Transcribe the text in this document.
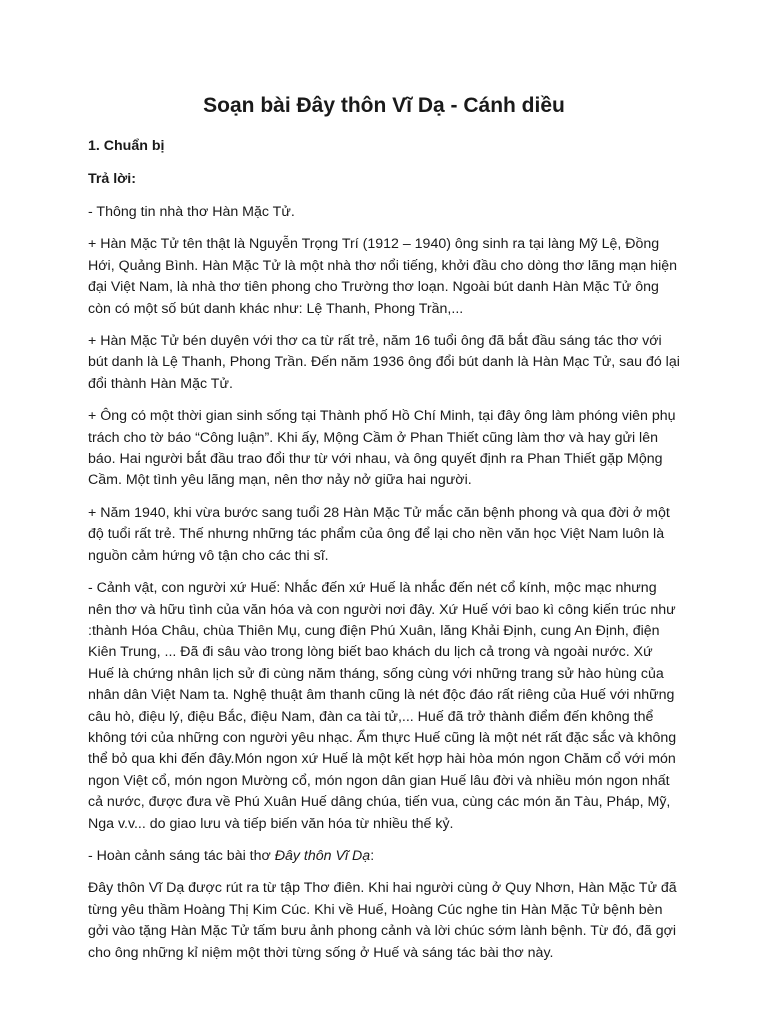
Soạn bài Đây thôn Vĩ Dạ - Cánh diều
1. Chuẩn bị
Trả lời:

- Thông tin nhà thơ Hàn Mặc Tử.

+ Hàn Mặc Tử tên thật là Nguyễn Trọng Trí (1912 – 1940) ông sinh ra tại làng Mỹ Lệ, Đồng Hới, Quảng Bình. Hàn Mặc Tử là một nhà thơ nổi tiếng, khởi đầu cho dòng thơ lãng mạn hiện đại Việt Nam, là nhà thơ tiên phong cho Trường thơ loạn. Ngoài bút danh Hàn Mặc Tử ông còn có một số bút danh khác như: Lệ Thanh, Phong Trần,...

+ Hàn Mặc Tử bén duyên với thơ ca từ rất trẻ, năm 16 tuổi ông đã bắt đầu sáng tác thơ với bút danh là Lệ Thanh, Phong Trần. Đến năm 1936 ông đổi bút danh là Hàn Mạc Tử, sau đó lại đổi thành Hàn Mặc Tử.

+ Ông có một thời gian sinh sống tại Thành phố Hồ Chí Minh, tại đây ông làm phóng viên phụ trách cho tờ báo “Công luận”. Khi ấy, Mộng Cầm ở Phan Thiết cũng làm thơ và hay gửi lên báo. Hai người bắt đầu trao đổi thư từ với nhau, và ông quyết định ra Phan Thiết gặp Mộng Cầm. Một tình yêu lãng mạn, nên thơ nảy nở giữa hai người.

+ Năm 1940, khi vừa bước sang tuổi 28 Hàn Mặc Tử mắc căn bệnh phong và qua đời ở một độ tuổi rất trẻ. Thế nhưng những tác phẩm của ông để lại cho nền văn học Việt Nam luôn là nguồn cảm hứng vô tận cho các thi sĩ.

- Cảnh vật, con người xứ Huế: Nhắc đến xứ Huế là nhắc đến nét cổ kính, mộc mạc nhưng nên thơ và hữu tình của văn hóa và con người nơi đây. Xứ Huế với bao kì công kiến trúc như :thành Hóa Châu, chùa Thiên Mụ, cung điện Phú Xuân, lăng Khải Định, cung An Định, điện Kiên Trung, ... Đã đi sâu vào trong lòng biết bao khách du lịch cả trong và ngoài nước. Xứ Huế là chứng nhân lịch sử đi cùng năm tháng, sống cùng với những trang sử hào hùng của nhân dân Việt Nam ta. Nghệ thuật âm thanh cũng là nét độc đáo rất riêng của Huế với những câu hò, điệu lý, điệu Bắc, điệu Nam, đàn ca tài tử,... Huế đã trở thành điểm đến không thể không tới của những con người yêu nhạc. Ẩm thực Huế cũng là một nét rất đặc sắc và không thể bỏ qua khi đến đây.Món ngon xứ Huế là một kết hợp hài hòa món ngon Chăm cổ với món ngon Việt cổ, món ngon Mường cổ, món ngon dân gian Huế lâu đời và nhiều món ngon nhất cả nước, được đưa về Phú Xuân Huế dâng chúa, tiến vua, cùng các món ăn Tàu, Pháp, Mỹ, Nga v.v... do giao lưu và tiếp biến văn hóa từ nhiều thế kỷ.

- Hoàn cảnh sáng tác bài thơ Đây thôn Vĩ Dạ:

Đây thôn Vĩ Dạ được rút ra từ tập Thơ điên. Khi hai người cùng ở Quy Nhơn, Hàn Mặc Tử đã từng yêu thầm Hoàng Thị Kim Cúc. Khi về Huế, Hoàng Cúc nghe tin Hàn Mặc Tử bệnh bèn gởi vào tặng Hàn Mặc Tử tấm bưu ảnh phong cảnh và lời chúc sớm lành bệnh. Từ đó, đã gợi cho ông những kỉ niệm một thời từng sống ở Huế và sáng tác bài thơ này.
